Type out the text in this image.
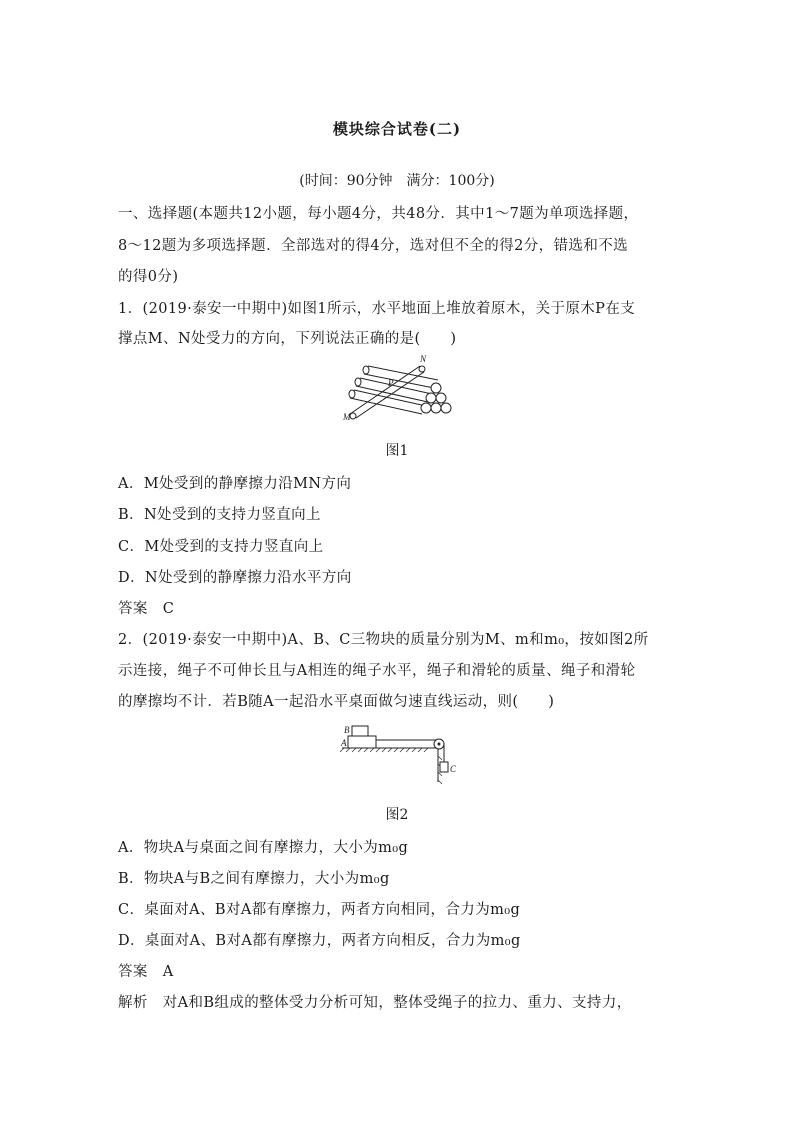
模块综合试卷(二)
(时间：90分钟　满分：100分)
一、选择题(本题共12小题，每小题4分，共48分．其中1～7题为单项选择题，
8～12题为多项选择题．全部选对的得4分，选对但不全的得2分，错选和不选
的得0分)
1．(2019·泰安一中期中)如图1所示，水平地面上堆放着原木，关于原木P在支
撑点M、N处受力的方向，下列说法正确的是(　　)
N
P
M
图1
A．M处受到的静摩擦力沿MN方向
B．N处受到的支持力竖直向上
C．M处受到的支持力竖直向上
D．N处受到的静摩擦力沿水平方向
答案　C
2．(2019·泰安一中期中)A、B、C三物块的质量分别为M、m和m₀，按如图2所
示连接，绳子不可伸长且与A相连的绳子水平，绳子和滑轮的质量、绳子和滑轮
的摩擦均不计．若B随A一起沿水平桌面做匀速直线运动，则(　　)
B
A
C
图2
A．物块A与桌面之间有摩擦力，大小为m₀g
B．物块A与B之间有摩擦力，大小为m₀g
C．桌面对A、B对A都有摩擦力，两者方向相同，合力为m₀g
D．桌面对A、B对A都有摩擦力，两者方向相反，合力为m₀g
答案　A
解析　对A和B组成的整体受力分析可知，整体受绳子的拉力、重力、支持力，
